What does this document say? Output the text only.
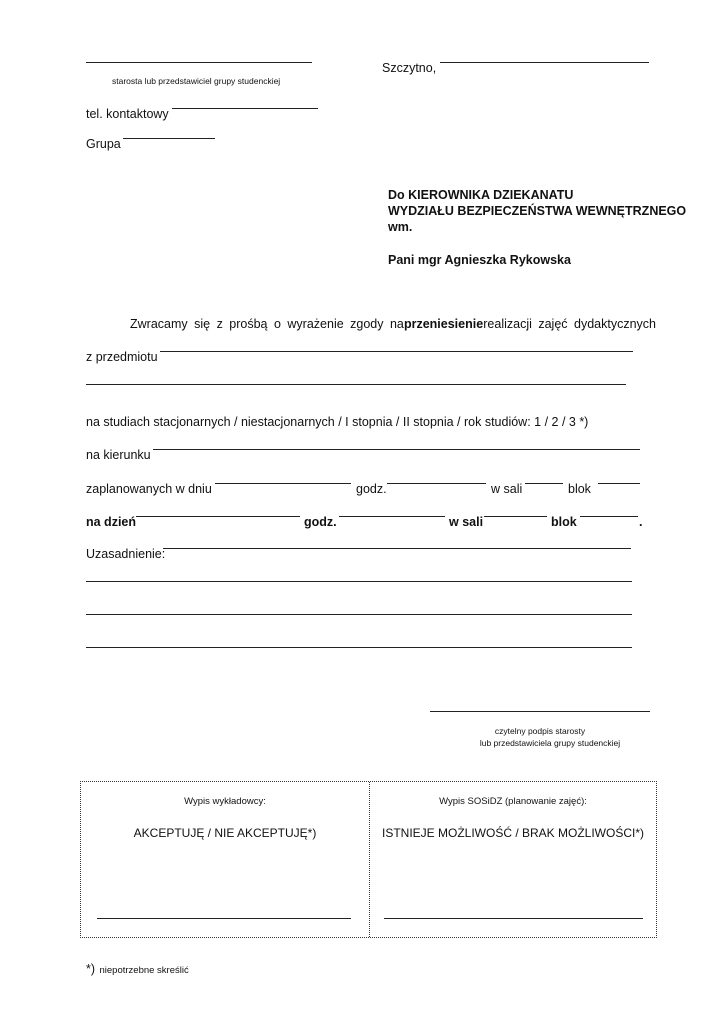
starosta lub przedstawiciel grupy studenckiej
Szczytno,
tel. kontaktowy
Grupa
Do KIEROWNIKA DZIEKANATU
WYDZIAŁU BEZPIECZEŃSTWA WEWNĘTRZNEGO
wm.
Pani mgr Agnieszka Rykowska
Zwracamy się z prośbą o wyrażenie zgody na przeniesienie realizacji zajęć dydaktycznych
z przedmiotu
na studiach stacjonarnych / niestacjonarnych / I stopnia / II stopnia / rok studiów: 1 / 2 / 3 *)
na kierunku
zaplanowanych w dniu	godz.	w sali	blok
na dzień	godz.	w sali	blok	.
Uzasadnienie:
czytelny podpis starosty
lub przedstawiciela grupy studenckiej
Wypis wykładowcy:
AKCEPTUJĘ / NIE AKCEPTUJĘ*)
Wypis SOSiDZ (planowanie zajęć):
ISTNIEJE MOŻLIWOŚĆ / BRAK MOŻLIWOŚCI*)
*) niepotrzebne skreślić
